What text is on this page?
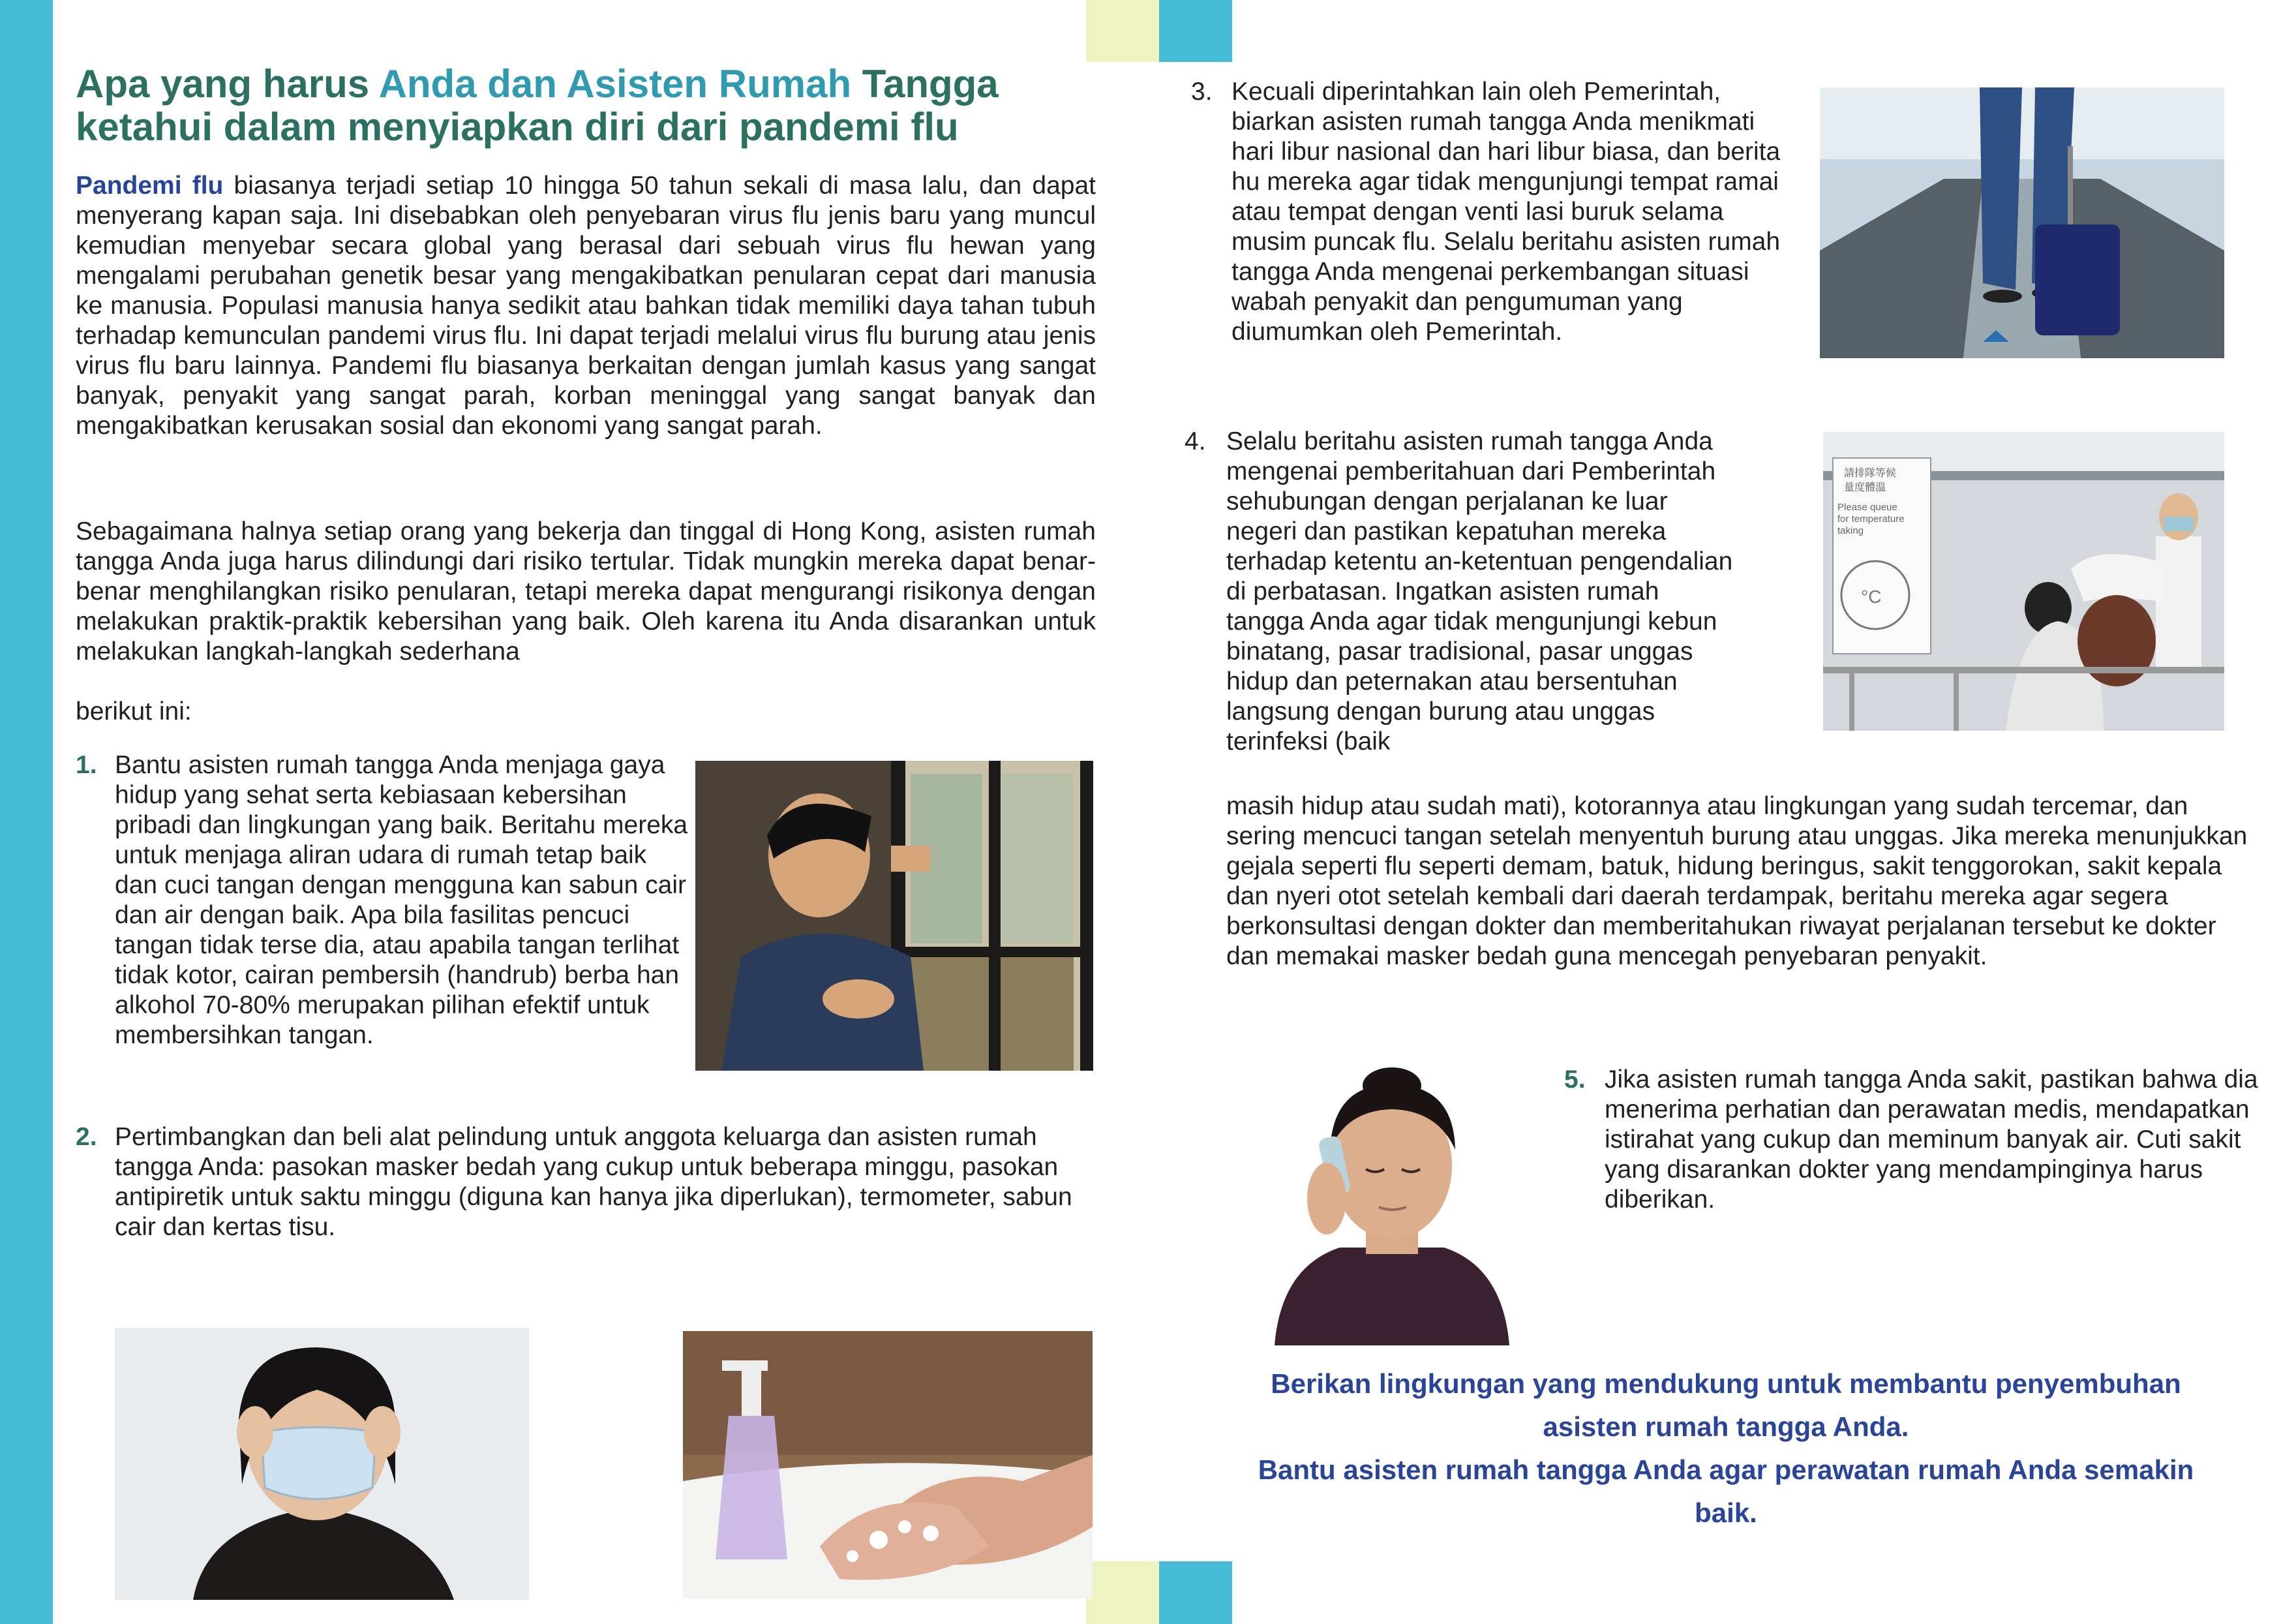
Apa yang harus Anda dan Asisten Rumah Tangga
ketahui dalam menyiapkan diri dari pandemi flu
Pandemi flu biasanya terjadi setiap 10 hingga 50 tahun sekali di masa lalu, dan dapat menyerang kapan saja. Ini disebabkan oleh penyebaran virus flu jenis baru yang muncul kemudian menyebar secara global yang berasal dari sebuah virus flu hewan yang mengalami perubahan genetik besar yang mengakibatkan penularan cepat dari manusia ke manusia. Populasi manusia hanya sedikit atau bahkan tidak memiliki daya tahan tubuh terhadap kemunculan pandemi virus flu. Ini dapat terjadi melalui virus flu burung atau jenis virus flu baru lainnya. Pandemi flu biasanya berkaitan dengan jumlah kasus yang sangat banyak, penyakit yang sangat parah, korban meninggal yang sangat banyak dan mengakibatkan kerusakan sosial dan ekonomi yang sangat parah.
Sebagaimana halnya setiap orang yang bekerja dan tinggal di Hong Kong, asisten rumah tangga Anda juga harus dilindungi dari risiko tertular. Tidak mungkin mereka dapat benar-benar menghilangkan risiko penularan, tetapi mereka dapat mengurangi risikonya dengan melakukan praktik-praktik kebersihan yang baik. Oleh karena itu Anda disarankan untuk melakukan langkah-langkah sederhana
berikut ini:
1. Bantu asisten rumah tangga Anda menjaga gaya hidup yang sehat serta kebiasaan kebersihan pribadi dan lingkungan yang baik. Beritahu mereka untuk menjaga aliran udara di rumah tetap baik dan cuci tangan dengan mengguna kan sabun cair dan air dengan baik. Apa bila fasilitas pencuci tangan tidak terse dia, atau apabila tangan terlihat tidak kotor, cairan pembersih (handrub) berba han alkohol 70-80% merupakan pilihan efektif untuk membersihkan tangan.
2. Pertimbangkan dan beli alat pelindung untuk anggota keluarga dan asisten rumah tangga Anda: pasokan masker bedah yang cukup untuk beberapa minggu, pasokan antipiretik untuk saktu minggu (diguna kan hanya jika diperlukan), termometer, sabun cair dan kertas tisu.
3. Kecuali diperintahkan lain oleh Pemerintah, biarkan asisten rumah tangga Anda menikmati hari libur nasional dan hari libur biasa, dan berita hu mereka agar tidak mengunjungi tempat ramai atau tempat dengan venti lasi buruk selama musim puncak flu. Selalu beritahu asisten rumah tangga Anda mengenai perkembangan situasi wabah penyakit dan pengumuman yang diumumkan oleh Pemerintah.
4. Selalu beritahu asisten rumah tangga Anda mengenai pemberitahuan dari Pemberintah sehubungan dengan perjalanan ke luar negeri dan pastikan kepatuhan mereka terhadap ketentu an-ketentuan pengendalian di perbatasan. Ingatkan asisten rumah tangga Anda agar tidak mengunjungi kebun binatang, pasar tradisional, pasar unggas hidup dan peternakan atau bersentuhan langsung dengan burung atau unggas terinfeksi (baik
masih hidup atau sudah mati), kotorannya atau lingkungan yang sudah tercemar, dan sering mencuci tangan setelah menyentuh burung atau unggas. Jika mereka menunjukkan gejala seperti flu seperti demam, batuk, hidung beringus, sakit tenggorokan, sakit kepala dan nyeri otot setelah kembali dari daerah terdampak, beritahu mereka agar segera berkonsultasi dengan dokter dan memberitahukan riwayat perjalanan tersebut ke dokter dan memakai masker bedah guna mencegah penyebaran penyakit.
請排隊等候
量度體溫
Please queue
for temperature
taking
°C
5. Jika asisten rumah tangga Anda sakit, pastikan bahwa dia menerima perhatian dan perawatan medis, mendapatkan istirahat yang cukup dan meminum banyak air. Cuti sakit yang disarankan dokter yang mendampinginya harus diberikan.
Berikan lingkungan yang mendukung untuk membantu penyembuhan
asisten rumah tangga Anda.
Bantu asisten rumah tangga Anda agar perawatan rumah Anda semakin
baik.
